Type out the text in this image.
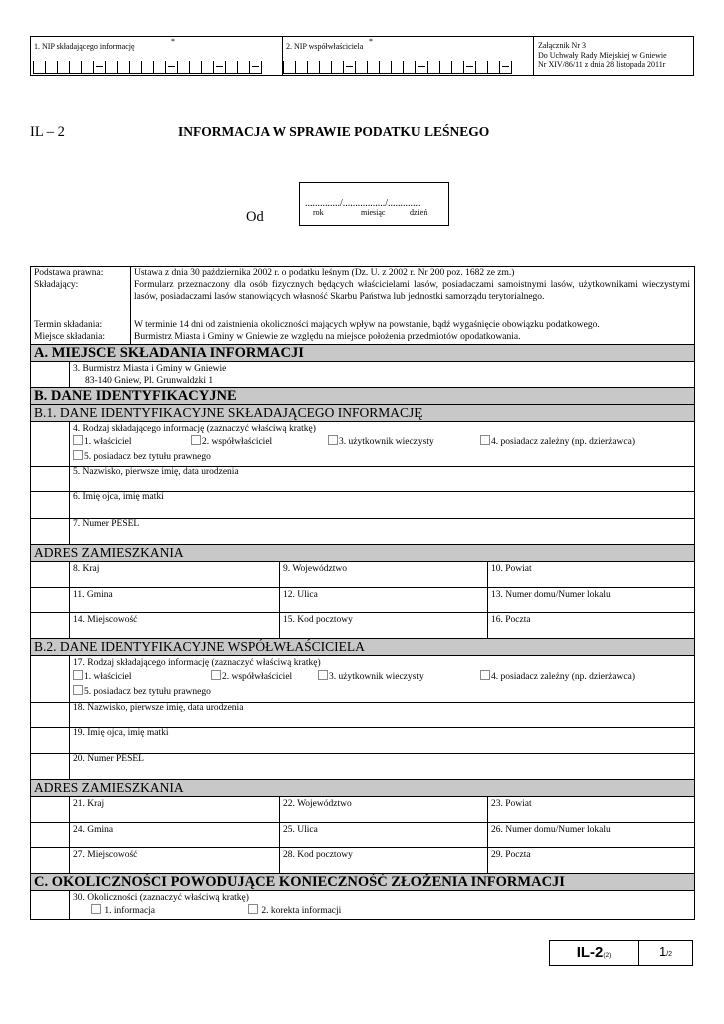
1. NIP składającego informację
*
2. NIP współwłaściciela
*	Załącznik Nr 3
Do Uchwały Rady Miejskiej w Gniewie
Nr XIV/86/11 z dnia 28 listopada 2011r
IL – 2	INFORMACJA W SPRAWIE PODATKU LEŚNEGO
Od
............../................./.............
rok	miesiąc	dzień
Podstawa prawna:	Ustawa z dnia 30 października 2002 r. o podatku leśnym (Dz. U. z 2002 r. Nr 200 poz. 1682 ze zm.)
Składający:	Formularz przeznaczony dla osób fizycznych będących właścicielami lasów, posiadaczami samoistnymi lasów, użytkownikami wieczystymi lasów, posiadaczami lasów stanowiących własność Skarbu Państwa lub jednostki samorządu terytorialnego.
Termin składania:	W terminie 14 dni od zaistnienia okoliczności mających wpływ na powstanie, bądź wygaśnięcie obowiązku podatkowego.
Miejsce składania:	Burmistrz Miasta i Gminy w Gniewie ze względu na miejsce położenia przedmiotów opodatkowania.
A. MIEJSCE SKŁADANIA INFORMACJI
3. Burmistrz Miasta i Gminy w Gniewie
83-140 Gniew, Pl. Grunwaldzki 1
B. DANE IDENTYFIKACYJNE
B.1. DANE IDENTYFIKACYJNE SKŁADAJĄCEGO INFORMACJĘ
4. Rodzaj składającego informację (zaznaczyć właściwą kratkę)
1. właściciel	2. współwłaściciel	3. użytkownik wieczysty	4. posiadacz zależny (np. dzierżawca)
5. posiadacz bez tytułu prawnego
5. Nazwisko, pierwsze imię, data urodzenia
6. Imię ojca, imię matki
7. Numer PESEL
ADRES ZAMIESZKANIA
8. Kraj	9. Województwo	10. Powiat
11. Gmina	12. Ulica	13. Numer domu/Numer lokalu
14. Miejscowość	15. Kod pocztowy	16. Poczta
B.2. DANE IDENTYFIKACYJNE WSPÓŁWŁAŚCICIELA
17. Rodzaj składającego informację (zaznaczyć właściwą kratkę)
1. właściciel	2. współwłaściciel	3. użytkownik wieczysty	4. posiadacz zależny (np. dzierżawca)
5. posiadacz bez tytułu prawnego
18. Nazwisko, pierwsze imię, data urodzenia
19. Imię ojca, imię matki
20. Numer PESEL
ADRES ZAMIESZKANIA
21. Kraj	22. Województwo	23. Powiat
24. Gmina	25. Ulica	26. Numer domu/Numer lokalu
27. Miejscowość	28. Kod pocztowy	29. Poczta
C. OKOLICZNOŚCI POWODUJĄCE KONIECZNOŚĆ ZŁOŻENIA INFORMACJI
30. Okoliczności (zaznaczyć właściwą kratkę)
1. informacja	2. korekta informacji
IL-2(2)	1/2
